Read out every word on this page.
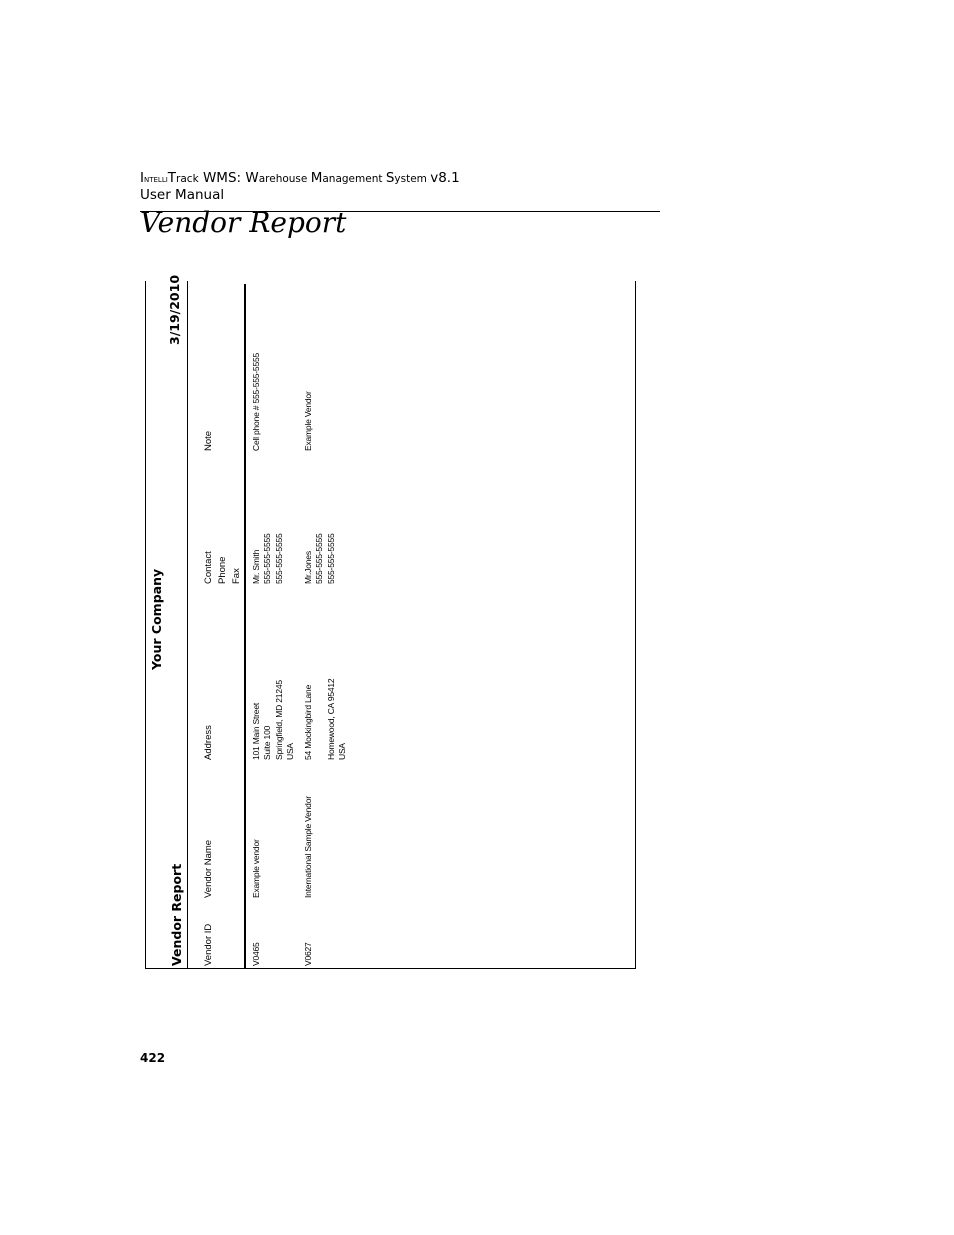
IntelliTrack WMS: Warehouse Management System v8.1
User Manual
Vendor Report
Vendor Report
Your Company
3/19/2010
Vendor ID
Vendor Name
Address
Contact Phone Fax
Note
V0465
Example vendor
101 Main Street Suite 100 Springfield, MD 21245 USA
Mr. Smith 555-555-5555 555-555-5555
Cell phone # 555-555-5555
V0627
International Sample Vendor
54 Mockingbird Lane Homewood, CA 95412 USA
Mr.Jones 555-555-5555 555-555-5555
Example Vendor
422
